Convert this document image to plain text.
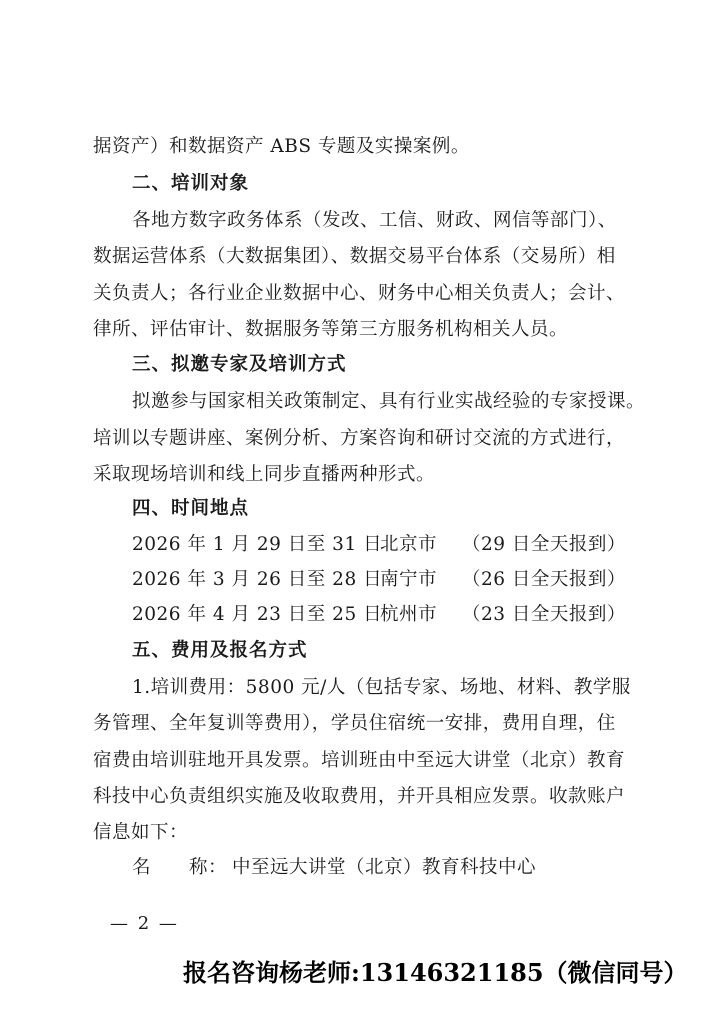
据资产）和数据资产 ABS 专题及实操案例。
二、培训对象
各地方数字政务体系（发改、工信、财政、网信等部门）、
数据运营体系（大数据集团）、数据交易平台体系（交易所）相
关负责人；各行业企业数据中心、财务中心相关负责人；会计、
律所、评估审计、数据服务等第三方服务机构相关人员。
三、拟邀专家及培训方式
拟邀参与国家相关政策制定、具有行业实战经验的专家授课。
培训以专题讲座、案例分析、方案咨询和研讨交流的方式进行，
采取现场培训和线上同步直播两种形式。
四、时间地点
2026 年 1 月 29 日至 31 日
北京市 （29 日全天报到）
2026 年 3 月 26 日至 28 日
南宁市 （26 日全天报到）
2026 年 4 月 23 日至 25 日
杭州市 （23 日全天报到）
五、费用及报名方式
1.培训费用：5800 元/人（包括专家、场地、材料、教学服
务管理、全年复训等费用），学员住宿统一安排，费用自理，住
宿费由培训驻地开具发票。培训班由中至远大讲堂（北京）教育
科技中心负责组织实施及收取费用，并开具相应发票。收款账户
信息如下：
名　　称： 中至远大讲堂（北京）教育科技中心
— 2 —
报名咨询杨老师:13146321185（微信同号）
